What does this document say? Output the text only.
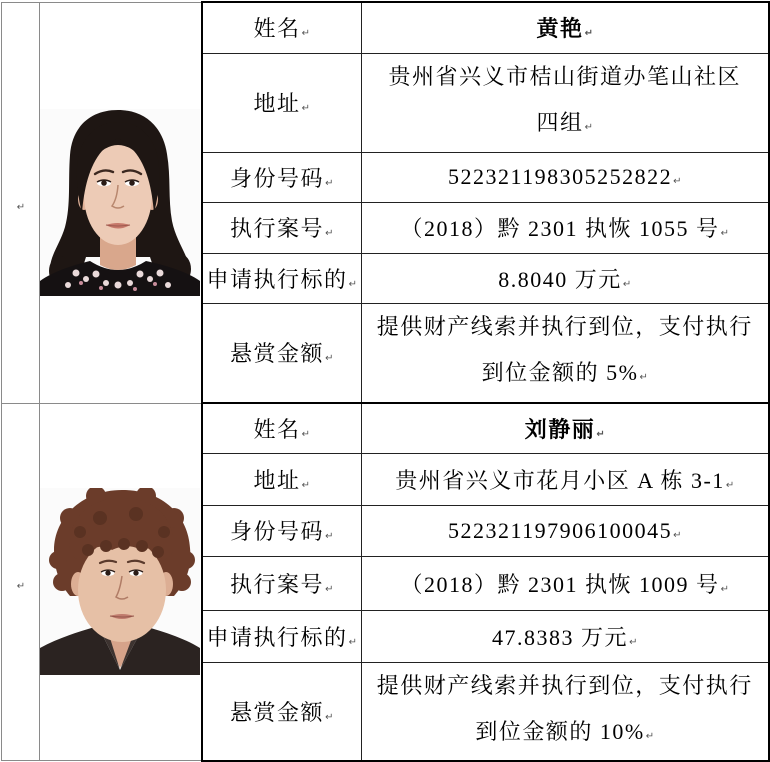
↵		姓名↵	黄艳↵
		地址↵	贵州省兴义市桔山街道办笔山社区四组↵
		身份号码↵	522321198305252822↵
		执行案号↵	（2018）黔 2301 执恢 1055 号↵
		申请执行标的↵	8.8040 万元↵
		悬赏金额↵	提供财产线索并执行到位，支付执行到位金额的 5%↵
↵		姓名↵	刘静丽↵
		地址↵	贵州省兴义市花月小区 A 栋 3-1↵
		身份号码↵	522321197906100045↵
		执行案号↵	（2018）黔 2301 执恢 1009 号↵
		申请执行标的↵	47.8383 万元↵
		悬赏金额↵	提供财产线索并执行到位，支付执行到位金额的 10%↵
